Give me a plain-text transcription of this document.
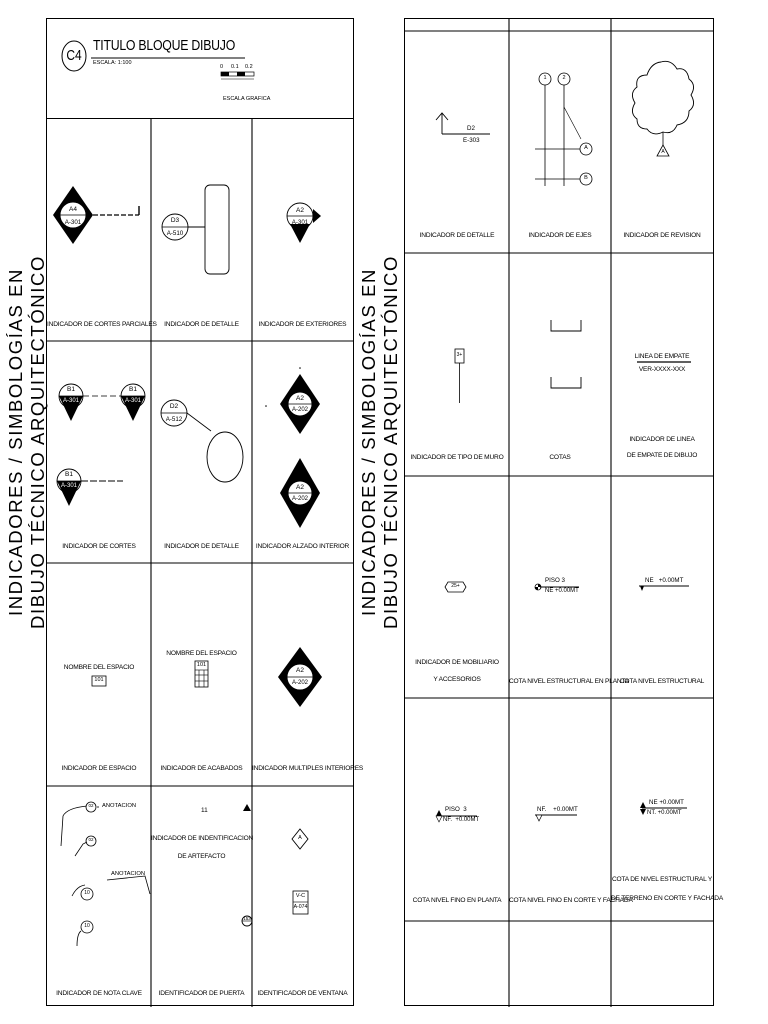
INDICADORES / SIMBOLOGÍAS EN DIBUJO TÉCNICO ARQUITECTÓNICO	INDICADORES / SIMBOLOGÍAS EN DIBUJO TÉCNICO ARQUITECTÓNICO
C4
TITULO BLOQUE DIBUJO
ESCALA: 1:100
0 0.1 0.2
ESCALA GRAFICA
A4
A-301
INDICADOR DE CORTES PARCIALES
D3
A-510
INDICADOR DE DETALLE
A2
A-301
INDICADOR DE EXTERIORES
B1
A-301
B1
A-301
B1
A-301
INDICADOR DE CORTES
D2
A-512
INDICADOR DE DETALLE
A2
A-202
A2
A-202
INDICADOR ALZADO INTERIOR
NOMBRE DEL ESPACIO
101
INDICADOR DE ESPACIO
NOMBRE DEL ESPACIO
101
INDICADOR DE ACABADOS
A2
A-202
INDICADOR MULTIPLES INTERIORES
02
02
10
10
ANOTACION
ANOTACION
INDICADOR DE NOTA CLAVE
11
INDICADOR DE INDENTIFICACION
DE ARTEFACTO
153
IDENTIFICADOR DE PUERTA
A
V-C
A-074
IDENTIFICADOR DE VENTANA
D2
E-303
INDICADOR DE DETALLE
1	2
A
B
INDICADOR DE EJES
A
INDICADOR DE REVISION
3+
INDICADOR DE TIPO DE MURO	COTAS
LINEA DE EMPATE
VER-XXXX-XXX
INDICADOR DE LINEA
DE EMPATE DE DIBUJO
25+
INDICADOR DE MOBILIARIO
Y ACCESORIOS
PISO 3
NE +0.00MT
COTA NIVEL ESTRUCTURAL EN PLANTA
NE   +0.00MT
COTA NIVEL ESTRUCTURAL
PISO  3
NF.  +0.00MT
COTA NIVEL FINO EN PLANTA
NF.    +0.00MT
COTA NIVEL FINO EN CORTE Y FACHADA
NE +0.00MT
NT. +0.00MT
COTA DE NIVEL ESTRUCTURAL Y
DE TERRENO EN CORTE Y FACHADA
